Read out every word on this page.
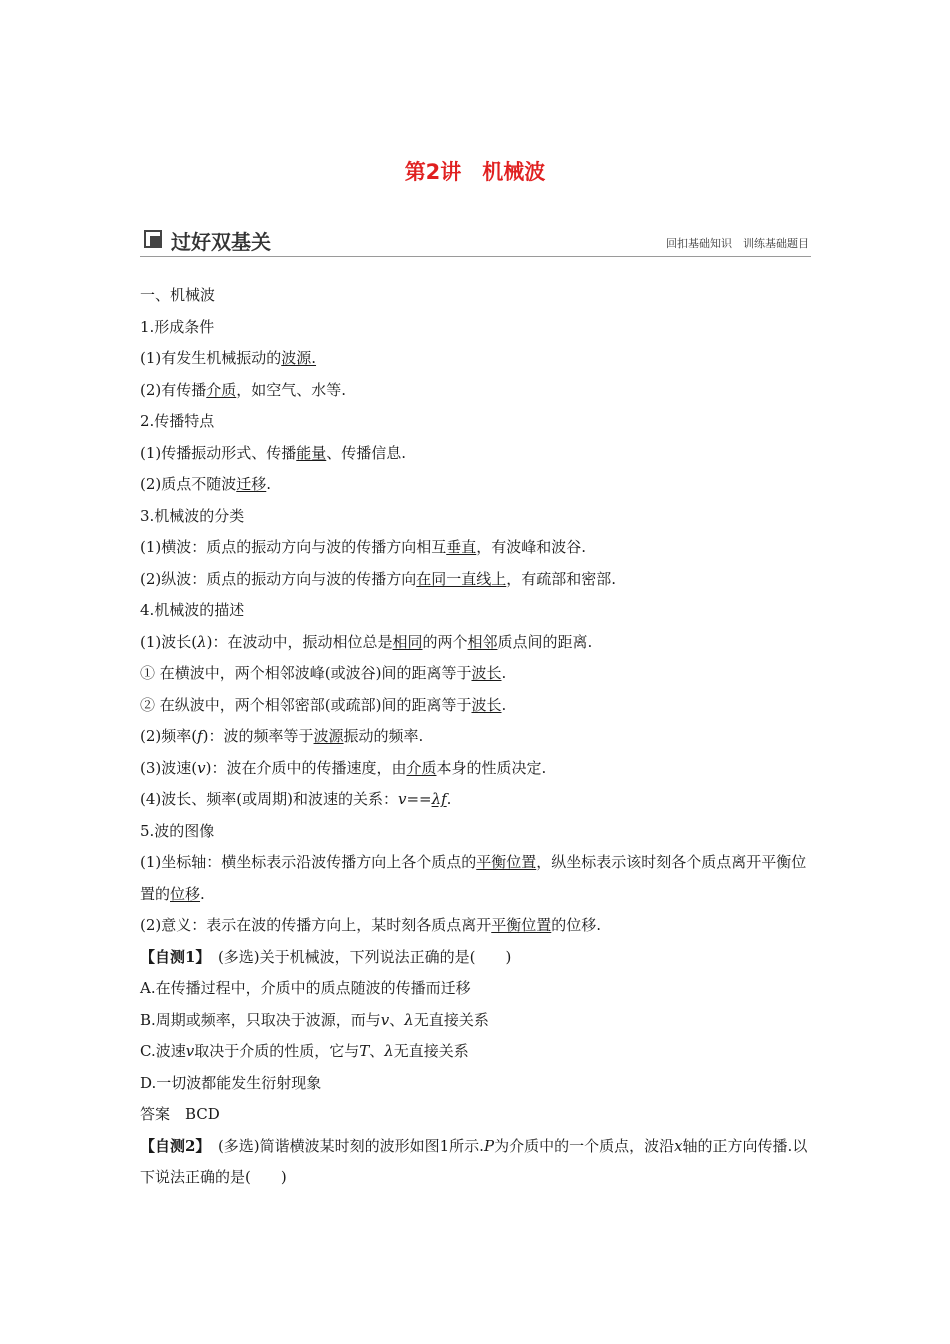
第2讲　机械波
过好双基关	回扣基础知识　训练基础题目
一、机械波
1.形成条件
(1)有发生机械振动的波源.
(2)有传播介质，如空气、水等.
2.传播特点
(1)传播振动形式、传播能量、传播信息.
(2)质点不随波迁移.
3.机械波的分类
(1)横波：质点的振动方向与波的传播方向相互垂直，有波峰和波谷.
(2)纵波：质点的振动方向与波的传播方向在同一直线上，有疏部和密部.
4.机械波的描述
(1)波长(λ)：在波动中，振动相位总是相同的两个相邻质点间的距离.
① 在横波中，两个相邻波峰(或波谷)间的距离等于波长.
② 在纵波中，两个相邻密部(或疏部)间的距离等于波长.
(2)频率(f)：波的频率等于波源振动的频率.
(3)波速(v)：波在介质中的传播速度，由介质本身的性质决定.
(4)波长、频率(或周期)和波速的关系：v==λf.
5.波的图像
(1)坐标轴：横坐标表示沿波传播方向上各个质点的平衡位置，纵坐标表示该时刻各个质点离开平衡位置的位移.
(2)意义：表示在波的传播方向上，某时刻各质点离开平衡位置的位移.
【自测1】　(多选)关于机械波，下列说法正确的是(　　)
A.在传播过程中，介质中的质点随波的传播而迁移
B.周期或频率，只取决于波源，而与v、λ无直接关系
C.波速v取决于介质的性质，它与T、λ无直接关系
D.一切波都能发生衍射现象
答案　BCD
【自测2】　(多选)简谐横波某时刻的波形如图1所示.P为介质中的一个质点，波沿x轴的正方向传播.以下说法正确的是(　　)
